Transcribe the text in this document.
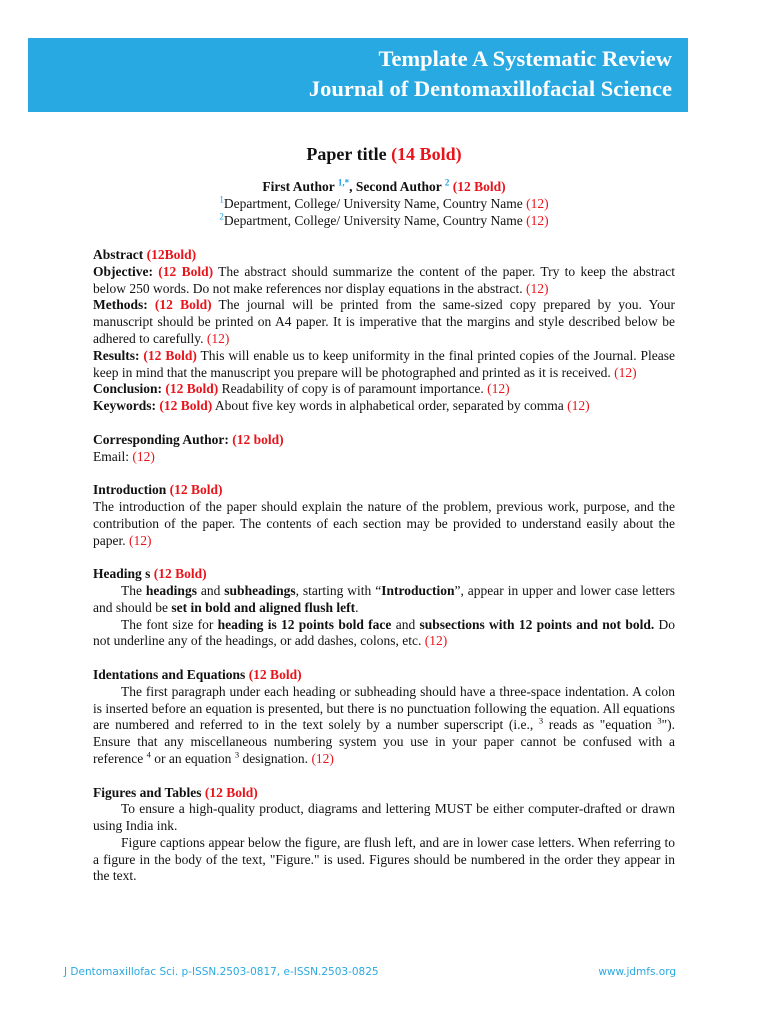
Template A Systematic Review
Journal of Dentomaxillofacial Science
Paper title (14 Bold)
First Author $^{1,*}$, Second Author $^2$ (12 Bold)
$^1$Department, College/ University Name, Country Name (12)
$^2$Department, College/ University Name, Country Name (12)

Abstract (12Bold)

Objective: (12 Bold) The abstract should summarize the content of the paper. Try to keep the abstract below 250 words. Do not make references nor display equations in the abstract. (12)

Methods: (12 Bold) The journal will be printed from the same-sized copy prepared by you. Your manuscript should be printed on A4 paper. It is imperative that the margins and style described below be adhered to carefully. (12)

Results: (12 Bold) This will enable us to keep uniformity in the final printed copies of the Journal. Please keep in mind that the manuscript you prepare will be photographed and printed as it is received. (12)

Conclusion: (12 Bold) Readability of copy is of paramount importance. (12)

Keywords: (12 Bold) About five key words in alphabetical order, separated by comma (12)

Corresponding Author: (12 bold)

Email: (12)

Introduction (12 Bold)

The introduction of the paper should explain the nature of the problem, previous work, purpose, and the contribution of the paper. The contents of each section may be provided to understand easily about the paper. (12)

Heading s (12 Bold)

The headings and subheadings, starting with “Introduction”, appear in upper and lower case letters and should be set in bold and aligned flush left.

The font size for heading is 12 points bold face and subsections with 12 points and not bold. Do not underline any of the headings, or add dashes, colons, etc. (12)

Identations and Equations (12 Bold)

The first paragraph under each heading or subheading should have a three-space indentation. A colon is inserted before an equation is presented, but there is no punctuation following the equation. All equations are numbered and referred to in the text solely by a number superscript (i.e., $^3$ reads as "equation $^3$"). Ensure that any miscellaneous numbering system you use in your paper cannot be confused with a reference $^4$ or an equation $^3$ designation. (12)

Figures and Tables (12 Bold)

To ensure a high-quality product, diagrams and lettering MUST be either computer-drafted or drawn using India ink.

Figure captions appear below the figure, are flush left, and are in lower case letters. When referring to a figure in the body of the text, "Figure." is used. Figures should be numbered in the order they appear in the text.

J Dentomaxillofac Sci. p-ISSN.2503-0817, e-ISSN.2503-0825	www.jdmfs.org
